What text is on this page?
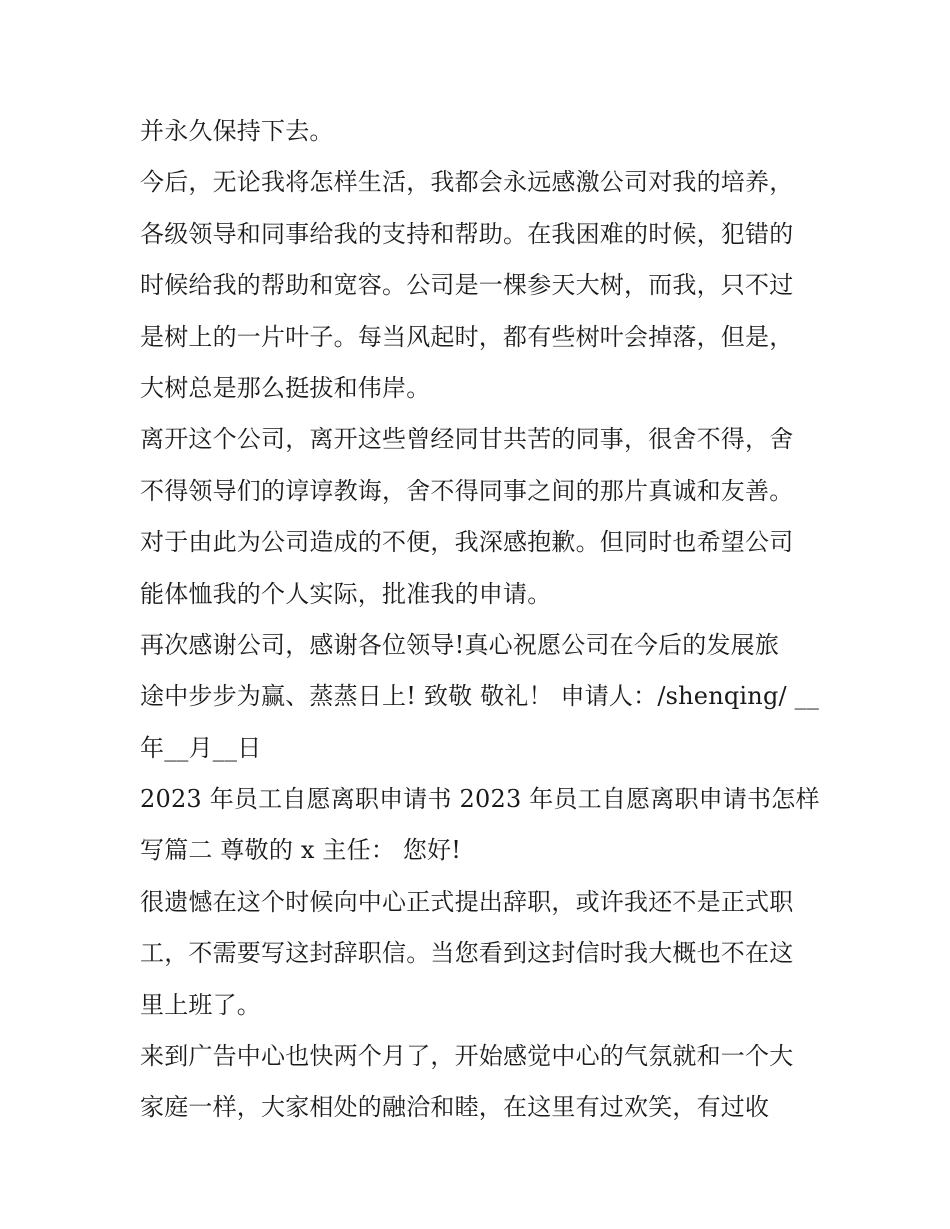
并永久保持下去。
今后，无论我将怎样生活，我都会永远感激公司对我的培养，
各级领导和同事给我的支持和帮助。在我困难的时候，犯错的
时候给我的帮助和宽容。公司是一棵参天大树，而我，只不过
是树上的一片叶子。每当风起时，都有些树叶会掉落，但是，
大树总是那么挺拔和伟岸。
离开这个公司，离开这些曾经同甘共苦的同事，很舍不得，舍
不得领导们的谆谆教诲，舍不得同事之间的那片真诚和友善。
对于由此为公司造成的不便，我深感抱歉。但同时也希望公司
能体恤我的个人实际，批准我的申请。
再次感谢公司，感谢各位领导!真心祝愿公司在今后的发展旅
途中步步为赢、蒸蒸日上! 致敬 敬礼！ 申请人：/shenqing/ __
年__月__日
2023 年员工自愿离职申请书 2023 年员工自愿离职申请书怎样
写篇二 尊敬的 x 主任： 您好!
很遗憾在这个时候向中心正式提出辞职，或许我还不是正式职
工，不需要写这封辞职信。当您看到这封信时我大概也不在这
里上班了。
来到广告中心也快两个月了，开始感觉中心的气氛就和一个大
家庭一样，大家相处的融洽和睦，在这里有过欢笑，有过收
